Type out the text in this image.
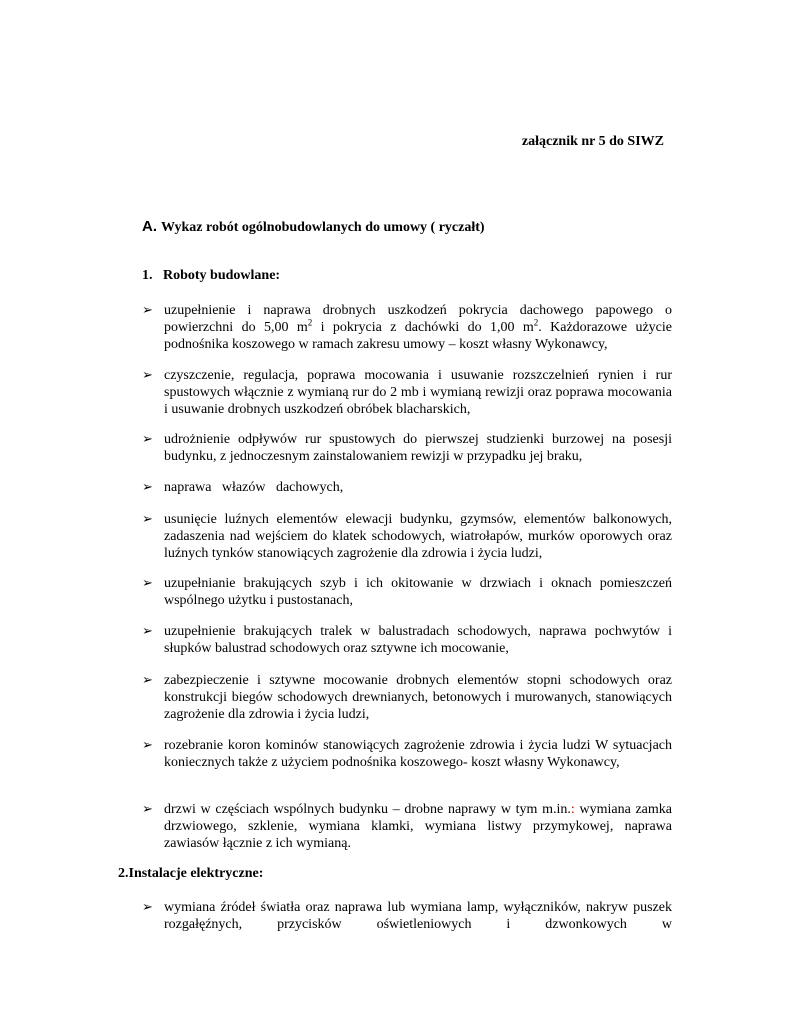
załącznik nr 5 do SIWZ
A. Wykaz robót ogólnobudowlanych do umowy ( ryczałt)
1. Roboty budowlane:
➢ uzupełnienie i naprawa drobnych uszkodzeń pokrycia dachowego papowego o powierzchni do 5,00 $m^2$ i pokrycia z dachówki do 1,00 $m^2$. Każdorazowe użycie podnośnika koszowego w ramach zakresu umowy – koszt własny Wykonawcy,
➢ czyszczenie, regulacja, poprawa mocowania i usuwanie rozszczelnień rynien i rur spustowych włącznie z wymianą rur do 2 mb i wymianą rewizji oraz poprawa mocowania i usuwanie drobnych uszkodzeń obróbek blacharskich,
➢ udrożnienie odpływów rur spustowych do pierwszej studzienki burzowej na posesji budynku, z jednoczesnym zainstalowaniem rewizji w przypadku jej braku,
➢ naprawa   włazów   dachowych,
➢ usunięcie luźnych elementów elewacji budynku, gzymsów, elementów balkonowych, zadaszenia nad wejściem do klatek schodowych, wiatrołapów, murków oporowych oraz luźnych tynków stanowiących zagrożenie dla zdrowia i życia ludzi,
➢ uzupełnianie brakujących szyb i ich okitowanie w drzwiach i oknach pomieszczeń wspólnego użytku i pustostanach,
➢ uzupełnienie brakujących tralek w balustradach schodowych, naprawa pochwytów i słupków balustrad schodowych oraz sztywne ich mocowanie,
➢ zabezpieczenie i sztywne mocowanie drobnych elementów stopni schodowych oraz konstrukcji biegów schodowych drewnianych, betonowych i murowanych, stanowiących zagrożenie dla zdrowia i życia ludzi,
➢ rozebranie koron kominów stanowiących zagrożenie zdrowia i życia ludzi W sytuacjach koniecznych także z użyciem podnośnika koszowego- koszt własny Wykonawcy,
➢ drzwi w częściach wspólnych budynku – drobne naprawy w tym m.in.: wymiana zamka drzwiowego, szklenie, wymiana klamki, wymiana listwy przymykowej, naprawa zawiasów łącznie z ich wymianą.
2.Instalacje elektryczne:
➢ wymiana źródeł światła oraz naprawa lub wymiana lamp, wyłączników, nakryw puszek rozgałęźnych, przycisków oświetleniowych i dzwonkowych w
